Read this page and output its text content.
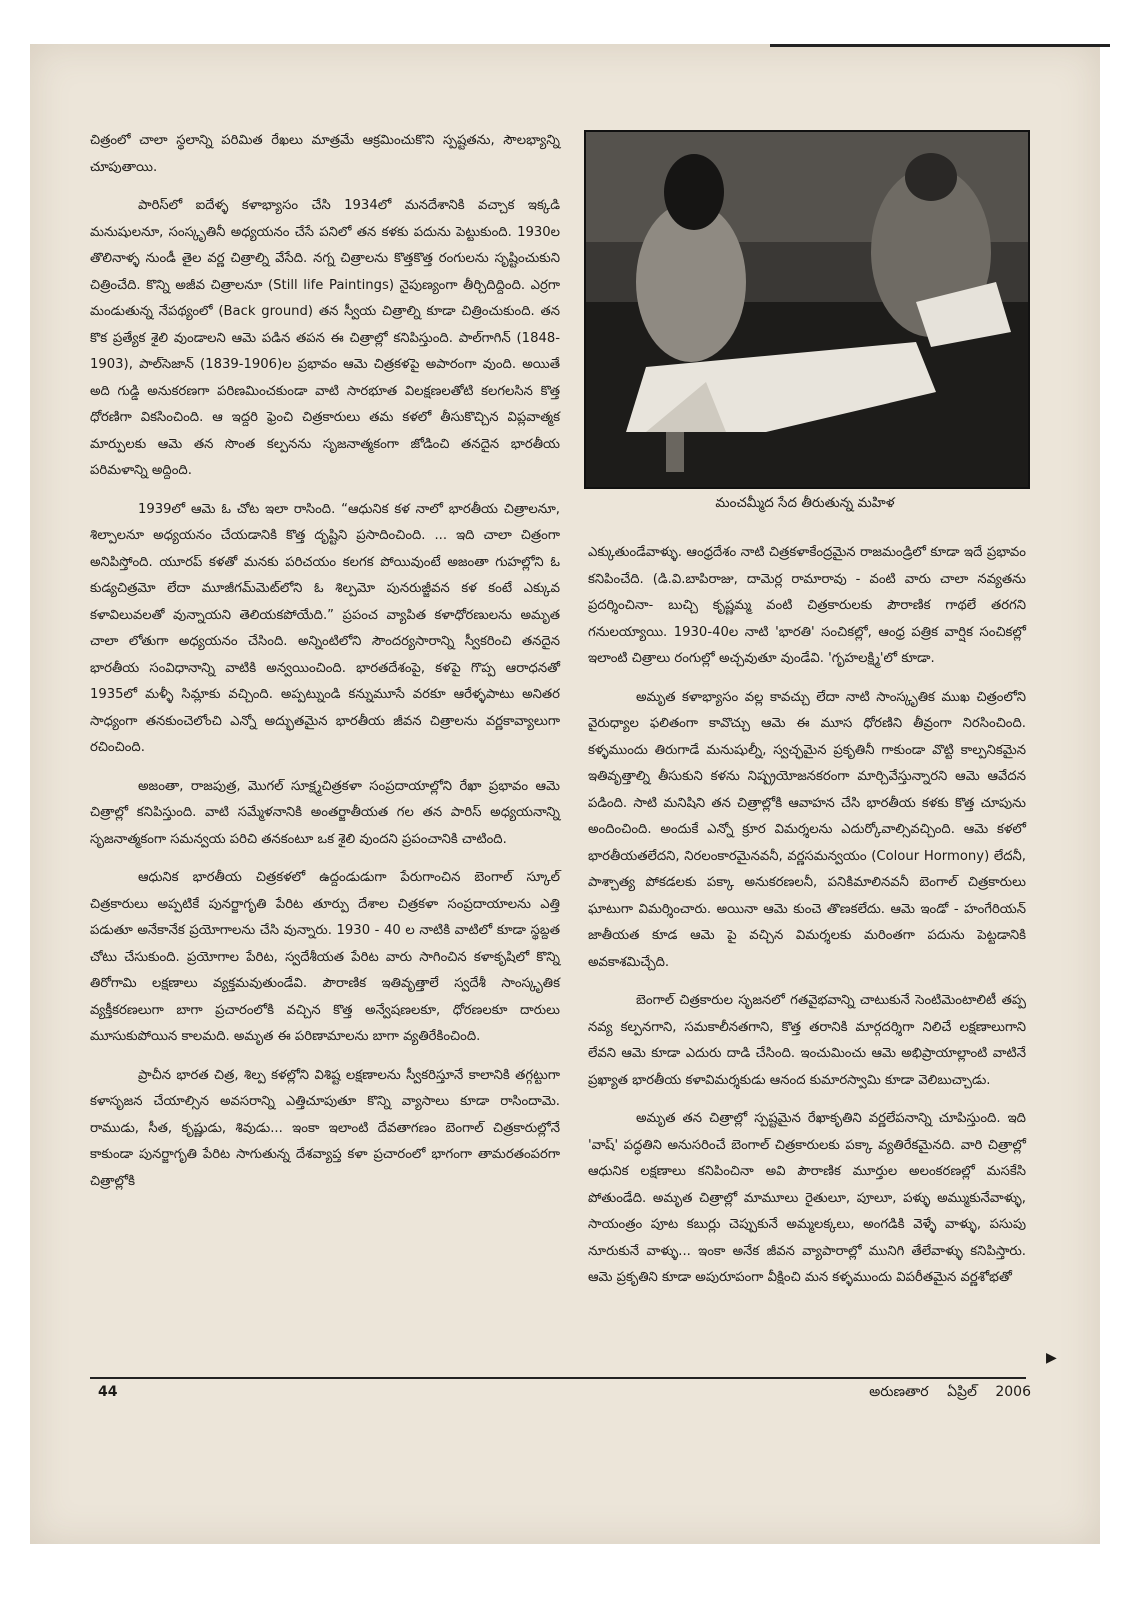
చిత్రంలో చాలా స్థలాన్ని పరిమిత రేఖలు మాత్రమే ఆక్రమించుకొని స్పష్టతను, సౌలభ్యాన్ని చూపుతాయి.

పారిస్‌లో ఐదేళ్ళ కళాభ్యాసం చేసి 1934లో మనదేశానికి వచ్చాక ఇక్కడి మనుషులనూ, సంస్కృతినీ అధ్యయనం చేసే పనిలో తన కళకు పదును పెట్టుకుంది. 1930ల తొలినాళ్ళ నుండీ తైల వర్ణ చిత్రాల్ని వేసేది. నగ్న చిత్రాలను కొత్తకొత్త రంగులను సృష్టించుకుని చిత్రించేది. కొన్ని అజీవ చిత్రాలనూ (Still life Paintings) నైపుణ్యంగా తీర్చిదిద్దింది. ఎర్రగా మండుతున్న నేపథ్యంలో (Back ground) తన స్వీయ చిత్రాల్ని కూడా చిత్రించుకుంది. తన కొక ప్రత్యేక శైలి వుండాలని ఆమె పడిన తపన ఈ చిత్రాల్లో కనిపిస్తుంది. పాల్‌గాగిన్ (1848-1903), పాల్‌సెజాన్ (1839-1906)ల ప్రభావం ఆమె చిత్రకళపై అపారంగా వుంది. అయితే అది గుడ్డి అనుకరణగా పరిణమించకుండా వాటి సారభూత విలక్షణలతోటి కలగలసిన కొత్త ధోరణిగా వికసించింది. ఆ ఇద్దరి ఫ్రెంచి చిత్రకారులు తమ కళలో తీసుకొచ్చిన విప్లవాత్మక మార్పులకు ఆమె తన సొంత కల్పనను సృజనాత్మకంగా జోడించి తనదైన భారతీయ పరిమళాన్ని అద్దింది.

1939లో ఆమె ఓ చోట ఇలా రాసింది. “ఆధునిక కళ నాలో భారతీయ చిత్రాలనూ, శిల్పాలనూ అధ్యయనం చేయడానికి కొత్త దృష్టిని ప్రసాదించింది. ... ఇది చాలా చిత్రంగా అనిపిస్తోంది. యూరప్ కళతో మనకు పరిచయం కలగక పోయివుంటే అజంతా గుహల్లోని ఓ కుడ్యచిత్రమో లేదా మూజీగమ్‌మెట్‌లోని ఓ శిల్పమో పునరుజ్జీవన కళ కంటే ఎక్కువ కళావిలువలతో వున్నాయని తెలియకపోయేది.” ప్రపంచ వ్యాపిత కళాధోరణులను అమృత చాలా లోతుగా అధ్యయనం చేసింది. అన్నింటిలోని సౌందర్యసారాన్ని స్వీకరించి తనదైన భారతీయ సంవిధానాన్ని వాటికి అన్వయించింది. భారతదేశంపై, కళపై గొప్ప ఆరాధనతో 1935లో మళ్ళీ సిమ్లాకు వచ్చింది. అప్పట్నుండి కన్నుమూసే వరకూ ఆరేళ్ళపాటు అనితర సాధ్యంగా తనకుంచెలోంచి ఎన్నో అద్భుతమైన భారతీయ జీవన చిత్రాలను వర్ణకావ్యాలుగా రచించింది.

అజంతా, రాజపుత్ర, మొగల్ సూక్ష్మచిత్రకళా సంప్రదాయాల్లోని రేఖా ప్రభావం ఆమె చిత్రాల్లో కనిపిస్తుంది. వాటి సమ్మేళనానికి అంతర్జాతీయత గల తన పారిస్ అధ్యయనాన్ని సృజనాత్మకంగా సమన్వయ పరిచి తనకంటూ ఒక శైలి వుందని ప్రపంచానికి చాటింది.

ఆధునిక భారతీయ చిత్రకళలో ఉద్దండుడుగా పేరుగాంచిన బెంగాల్ స్కూల్ చిత్రకారులు అప్పటికే పునర్జాగృతి పేరిట తూర్పు దేశాల చిత్రకళా సంప్రదాయాలను ఎత్తి పడుతూ అనేకానేక ప్రయోగాలను చేసి వున్నారు. 1930 - 40 ల నాటికి వాటిలో కూడా స్థబ్దత చోటు చేసుకుంది. ప్రయోగాల పేరిట, స్వదేశీయత పేరిట వారు సాగించిన కళాకృషిలో కొన్ని తిరోగామి లక్షణాలు వ్యక్తమవుతుండేవి. పౌరాణిక ఇతివృత్తాలే స్వదేశీ సాంస్కృతిక వ్యక్తీకరణలుగా బాగా ప్రచారంలోకి వచ్చిన కొత్త అన్వేషణలకూ, ధోరణలకూ దారులు మూసుకుపోయిన కాలమది. అమృత ఈ పరిణామాలను బాగా వ్యతిరేకించింది.

ప్రాచీన భారత చిత్ర, శిల్ప కళల్లోని విశిష్ట లక్షణాలను స్వీకరిస్తూనే కాలానికి తగ్గట్టుగా కళాసృజన చేయాల్సిన అవసరాన్ని ఎత్తిచూపుతూ కొన్ని వ్యాసాలు కూడా రాసిందామె. రాముడు, సీత, కృష్ణుడు, శివుడు... ఇంకా ఇలాంటి దేవతాగణం బెంగాల్ చిత్రకారుల్లోనే కాకుండా పునర్జాగృతి పేరిట సాగుతున్న దేశవ్యాప్త కళా ప్రచారంలో భాగంగా తామరతంపరగా చిత్రాల్లోకి

మంచమ్మీద సేద తీరుతున్న మహిళ

ఎక్కుతుండేవాళ్ళు. ఆంధ్రదేశం నాటి చిత్రకళాకేంద్రమైన రాజమండ్రిలో కూడా ఇదే ప్రభావం కనిపించేది. (డి.వి.బాపిరాజు, దామెర్ల రామారావు - వంటి వారు చాలా నవ్యతను ప్రదర్శించినా- బుచ్చి కృష్ణమ్మ వంటి చిత్రకారులకు పౌరాణిక గాథలే తరగని గనులయ్యాయి. 1930-40ల నాటి 'భారతి' సంచికల్లో, ఆంధ్ర పత్రిక వార్షిక సంచికల్లో ఇలాంటి చిత్రాలు రంగుల్లో అచ్చవుతూ వుండేవి. 'గృహలక్ష్మి'లో కూడా.

అమృత కళాభ్యాసం వల్ల కావచ్చు లేదా నాటి సాంస్కృతిక ముఖ చిత్రంలోని వైరుధ్యాల ఫలితంగా కావొచ్చు ఆమె ఈ మూస ధోరణిని తీవ్రంగా నిరసించింది. కళ్ళముందు తిరుగాడే మనుషుల్నీ, స్వచ్ఛమైన ప్రకృతినీ గాకుండా వొట్టి కాల్పనికమైన ఇతివృత్తాల్ని తీసుకుని కళను నిష్ప్రయోజనకరంగా మార్చివేస్తున్నారని ఆమె ఆవేదన పడింది. సాటి మనిషిని తన చిత్రాల్లోకి ఆవాహన చేసి భారతీయ కళకు కొత్త చూపును అందించింది. అందుకే ఎన్నో క్రూర విమర్శలను ఎదుర్కోవాల్సివచ్చింది. ఆమె కళలో భారతీయతలేదని, నిరలంకారమైనవనీ, వర్ణసమన్వయం (Colour Hormony) లేదనీ, పాశ్చాత్య పోకడలకు పక్కా అనుకరణలనీ, పనికిమాలినవనీ బెంగాల్ చిత్రకారులు ఘాటుగా విమర్శించారు. అయినా ఆమె కుంచె తొణకలేదు. ఆమె ఇండో - హంగేరియన్ జాతీయత కూడ ఆమె పై వచ్చిన విమర్శలకు మరింతగా పదును పెట్టడానికి అవకాశమిచ్చేది.

బెంగాల్ చిత్రకారుల సృజనలో గతవైభవాన్ని చాటుకునే సెంటిమెంటాలిటీ తప్ప నవ్య కల్పనగాని, సమకాలీనతగాని, కొత్త తరానికి మార్గదర్శిగా నిలిచే లక్షణాలుగాని లేవని ఆమె కూడా ఎదురు దాడి చేసింది. ఇంచుమించు ఆమె అభిప్రాయాల్లాంటి వాటినే ప్రఖ్యాత భారతీయ కళావిమర్శకుడు ఆనంద కుమారస్వామి కూడా వెలిబుచ్చాడు.

అమృత తన చిత్రాల్లో స్పష్టమైన రేఖాకృతిని వర్ణలేపనాన్ని చూపిస్తుంది. ఇది 'వాష్' పద్ధతిని అనుసరించే బెంగాల్ చిత్రకారులకు పక్కా వ్యతిరేకమైనది. వారి చిత్రాల్లో ఆధునిక లక్షణాలు కనిపించినా అవి పౌరాణిక మూర్తుల అలంకరణల్లో మసకేసి పోతుండేది. అమృత చిత్రాల్లో మామూలు రైతులూ, పూలూ, పళ్ళు అమ్ముకునేవాళ్ళు, సాయంత్రం పూట కబుర్లు చెప్పుకునే అమ్మలక్కలు, అంగడికి వెళ్ళే వాళ్ళు, పసుపు నూరుకునే వాళ్ళు... ఇంకా అనేక జీవన వ్యాపారాల్లో మునిగి తేలేవాళ్ళు కనిపిస్తారు. ఆమె ప్రకృతిని కూడా అపురూపంగా వీక్షించి మన కళ్ళముందు విపరీతమైన వర్ణశోభతో

44	అరుణతార ఏప్రిల్ 2006
▶
